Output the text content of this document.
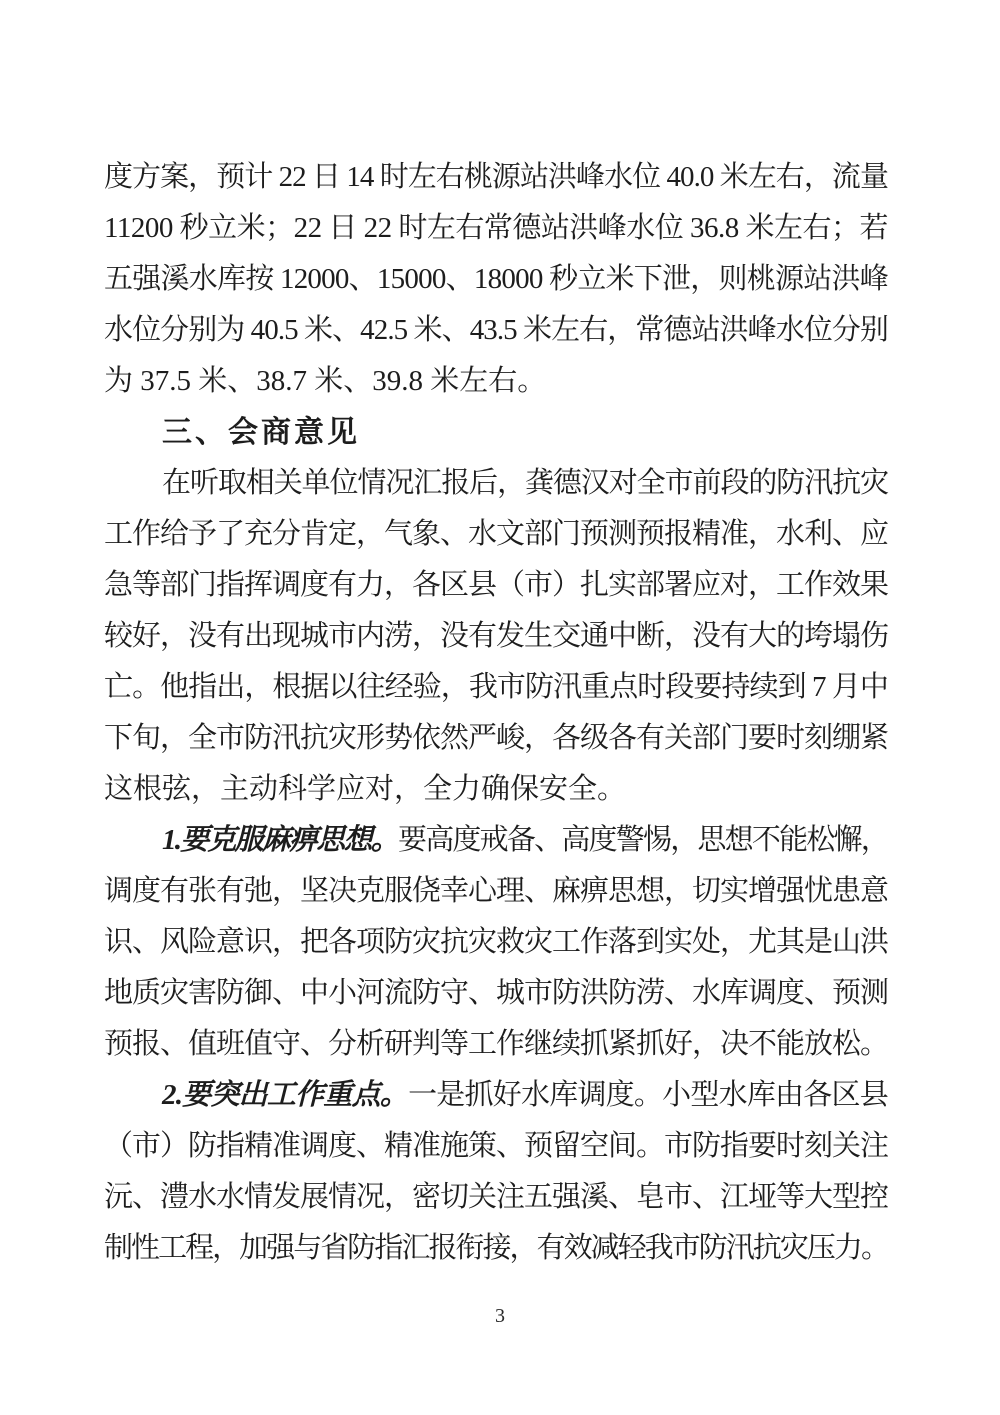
度方案，预计 22 日 14 时左右桃源站洪峰水位 40.0 米左右，流量
11200 秒立米；22 日 22 时左右常德站洪峰水位 36.8 米左右；若
五强溪水库按 12000、15000、18000 秒立米下泄，则桃源站洪峰
水位分别为 40.5 米、42.5 米、43.5 米左右，常德站洪峰水位分别
为 37.5 米、38.7 米、39.8 米左右。
三、会商意见
在听取相关单位情况汇报后，龚德汉对全市前段的防汛抗灾
工作给予了充分肯定，气象、水文部门预测预报精准，水利、应
急等部门指挥调度有力，各区县（市）扎实部署应对，工作效果
较好，没有出现城市内涝，没有发生交通中断，没有大的垮塌伤
亡。他指出，根据以往经验，我市防汛重点时段要持续到 7 月中
下旬，全市防汛抗灾形势依然严峻，各级各有关部门要时刻绷紧
这根弦，主动科学应对，全力确保安全。
1.要克服麻痹思想。要高度戒备、高度警惕，思想不能松懈，
调度有张有弛，坚决克服侥幸心理、麻痹思想，切实增强忧患意
识、风险意识，把各项防灾抗灾救灾工作落到实处，尤其是山洪
地质灾害防御、中小河流防守、城市防洪防涝、水库调度、预测
预报、值班值守、分析研判等工作继续抓紧抓好，决不能放松。
2.要突出工作重点。一是抓好水库调度。小型水库由各区县
（市）防指精准调度、精准施策、预留空间。市防指要时刻关注
沅、澧水水情发展情况，密切关注五强溪、皂市、江垭等大型控
制性工程，加强与省防指汇报衔接，有效减轻我市防汛抗灾压力。
3
